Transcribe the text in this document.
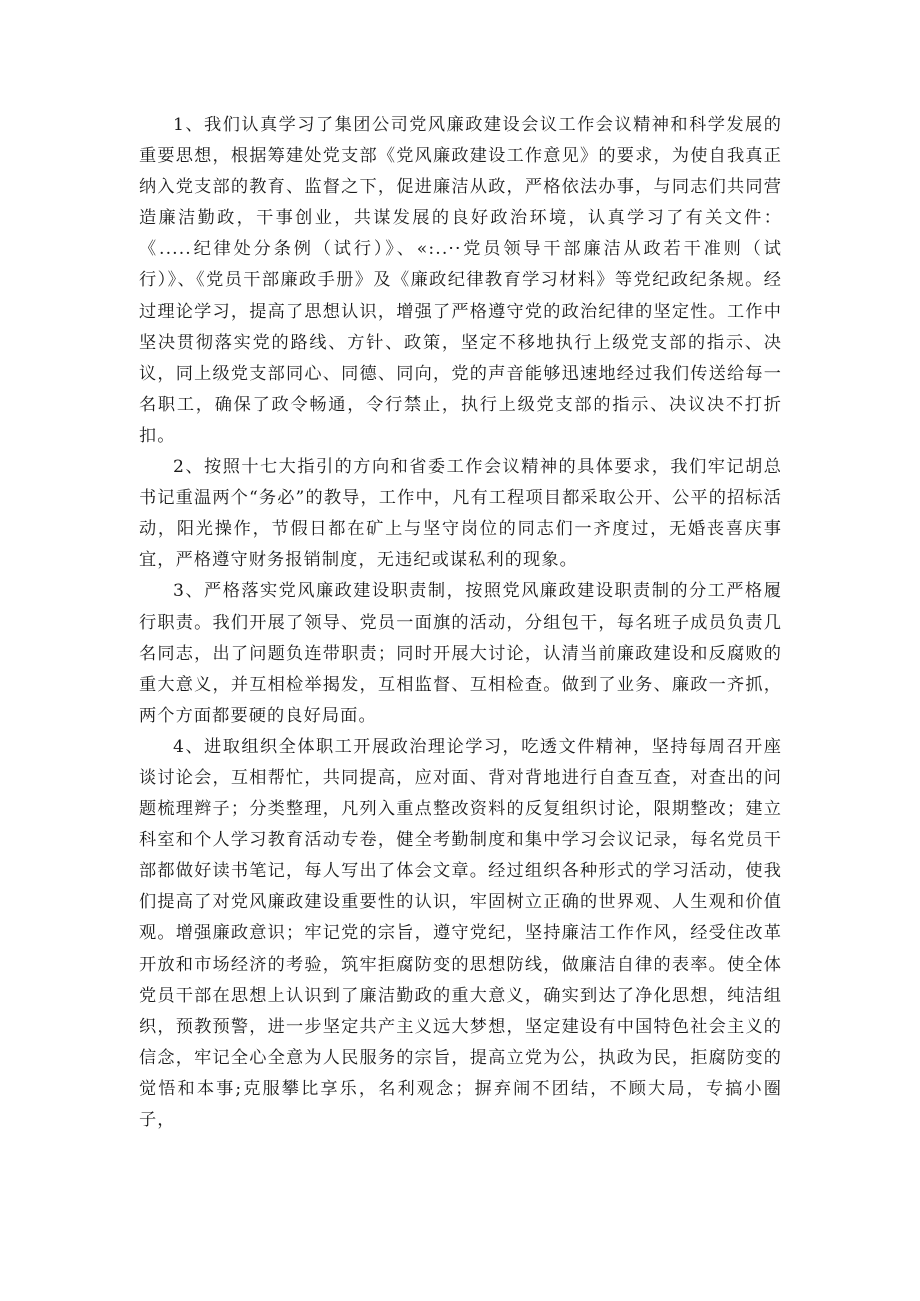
1、我们认真学习了集团公司党风廉政建设会议工作会议精神和科学发展的重要思想，根据筹建处党支部《党风廉政建设工作意见》的要求，为使自我真正纳入党支部的教育、监督之下，促进廉洁从政，严格依法办事，与同志们共同营造廉洁勤政，干事创业，共谋发展的良好政治环境，认真学习了有关文件：《.....纪律处分条例（试行）》、«:..··党员领导干部廉洁从政若干准则（试行）》、《党员干部廉政手册》及《廉政纪律教育学习材料》等党纪政纪条规。经过理论学习，提高了思想认识，增强了严格遵守党的政治纪律的坚定性。工作中坚决贯彻落实党的路线、方针、政策，坚定不移地执行上级党支部的指示、决议，同上级党支部同心、同德、同向，党的声音能够迅速地经过我们传送给每一名职工，确保了政令畅通，令行禁止，执行上级党支部的指示、决议决不打折扣。

2、按照十七大指引的方向和省委工作会议精神的具体要求，我们牢记胡总书记重温两个“务必”的教导，工作中，凡有工程项目都采取公开、公平的招标活动，阳光操作，节假日都在矿上与坚守岗位的同志们一齐度过，无婚丧喜庆事宜，严格遵守财务报销制度，无违纪或谋私利的现象。

3、严格落实党风廉政建设职责制，按照党风廉政建设职责制的分工严格履行职责。我们开展了领导、党员一面旗的活动，分组包干，每名班子成员负责几名同志，出了问题负连带职责；同时开展大讨论，认清当前廉政建设和反腐败的重大意义，并互相检举揭发，互相监督、互相检查。做到了业务、廉政一齐抓，两个方面都要硬的良好局面。

4、进取组织全体职工开展政治理论学习，吃透文件精神，坚持每周召开座谈讨论会，互相帮忙，共同提高，应对面、背对背地进行自查互查，对查出的问题梳理辫子；分类整理，凡列入重点整改资料的反复组织讨论，限期整改；建立科室和个人学习教育活动专卷，健全考勤制度和集中学习会议记录，每名党员干部都做好读书笔记，每人写出了体会文章。经过组织各种形式的学习活动，使我们提高了对党风廉政建设重要性的认识，牢固树立正确的世界观、人生观和价值观。增强廉政意识；牢记党的宗旨，遵守党纪，坚持廉洁工作作风，经受住改革开放和市场经济的考验，筑牢拒腐防变的思想防线，做廉洁自律的表率。使全体党员干部在思想上认识到了廉洁勤政的重大意义，确实到达了净化思想，纯洁组织，预教预警，进一步坚定共产主义远大梦想，坚定建设有中国特色社会主义的信念，牢记全心全意为人民服务的宗旨，提高立党为公，执政为民，拒腐防变的觉悟和本事;克服攀比享乐，名利观念；摒弃闹不团结，不顾大局，专搞小圈子，
